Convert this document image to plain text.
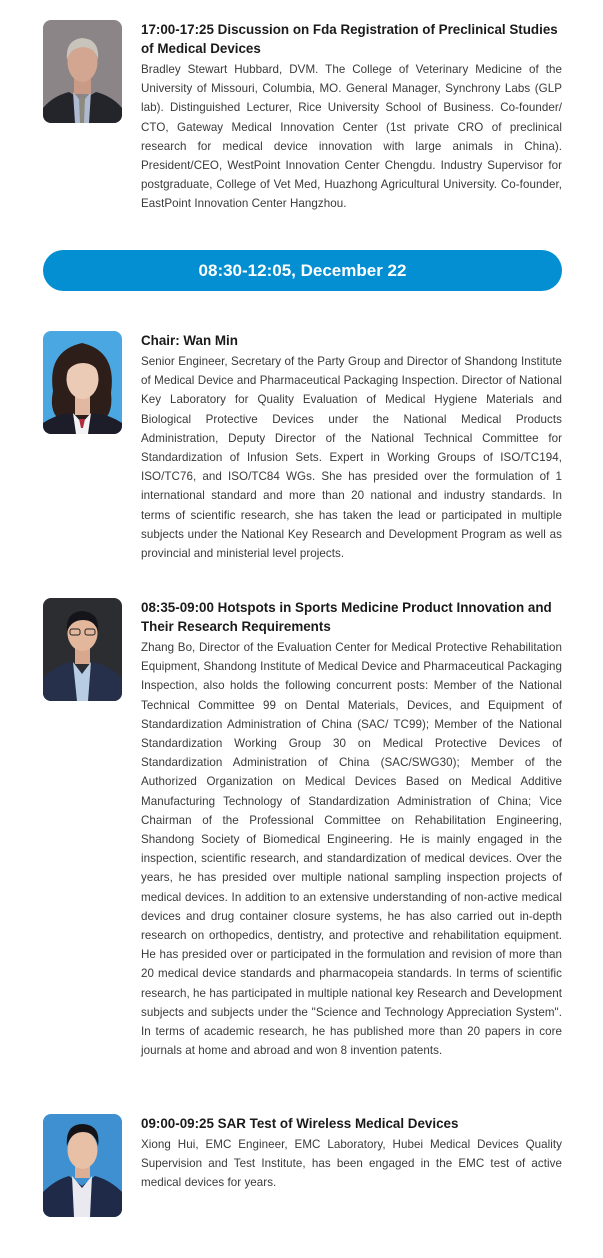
17:00-17:25 Discussion on Fda Registration of Preclinical Studies of Medical Devices

Bradley Stewart Hubbard, DVM. The College of Veterinary Medicine of the University of Missouri, Columbia, MO. General Manager, Synchrony Labs (GLP lab). Distinguished Lecturer, Rice University School of Business. Co-founder/ CTO, Gateway Medical Innovation Center (1st private CRO of preclinical research for medical device innovation with large animals in China). President/CEO, WestPoint Innovation Center Chengdu. Industry Supervisor for postgraduate, College of Vet Med, Huazhong Agricultural University. Co-founder, EastPoint Innovation Center Hangzhou.

08:30-12:05, December 22

Chair: Wan Min

Senior Engineer, Secretary of the Party Group and Director of Shandong Institute of Medical Device and Pharmaceutical Packaging Inspection. Director of National Key Laboratory for Quality Evaluation of Medical Hygiene Materials and Biological Protective Devices under the National Medical Products Administration, Deputy Director of the National Technical Committee for Standardization of Infusion Sets. Expert in Working Groups of ISO/TC194, ISO/TC76, and ISO/TC84 WGs. She has presided over the formulation of 1 international standard and more than 20 national and industry standards. In terms of scientific research, she has taken the lead or participated in multiple subjects under the National Key Research and Development Program as well as provincial and ministerial level projects.

08:35-09:00 Hotspots in Sports Medicine Product Innovation and Their Research Requirements

Zhang Bo, Director of the Evaluation Center for Medical Protective Rehabilitation Equipment, Shandong Institute of Medical Device and Pharmaceutical Packaging Inspection, also holds the following concurrent posts: Member of the National Technical Committee 99 on Dental Materials, Devices, and Equipment of Standardization Administration of China (SAC/ TC99); Member of the National Standardization Working Group 30 on Medical Protective Devices of Standardization Administration of China (SAC/SWG30); Member of the Authorized Organization on Medical Devices Based on Medical Additive Manufacturing Technology of Standardization Administration of China; Vice Chairman of the Professional Committee on Rehabilitation Engineering, Shandong Society of Biomedical Engineering. He is mainly engaged in the inspection, scientific research, and standardization of medical devices. Over the years, he has presided over multiple national sampling inspection projects of medical devices. In addition to an extensive understanding of non-active medical devices and drug container closure systems, he has also carried out in-depth research on orthopedics, dentistry, and protective and rehabilitation equipment. He has presided over or participated in the formulation and revision of more than 20 medical device standards and pharmacopeia standards. In terms of scientific research, he has participated in multiple national key Research and Development subjects and subjects under the "Science and Technology Appreciation System". In terms of academic research, he has published more than 20 papers in core journals at home and abroad and won 8 invention patents.

09:00-09:25 SAR Test of Wireless Medical Devices

Xiong Hui, EMC Engineer, EMC Laboratory, Hubei Medical Devices Quality Supervision and Test Institute, has been engaged in the EMC test of active medical devices for years.
